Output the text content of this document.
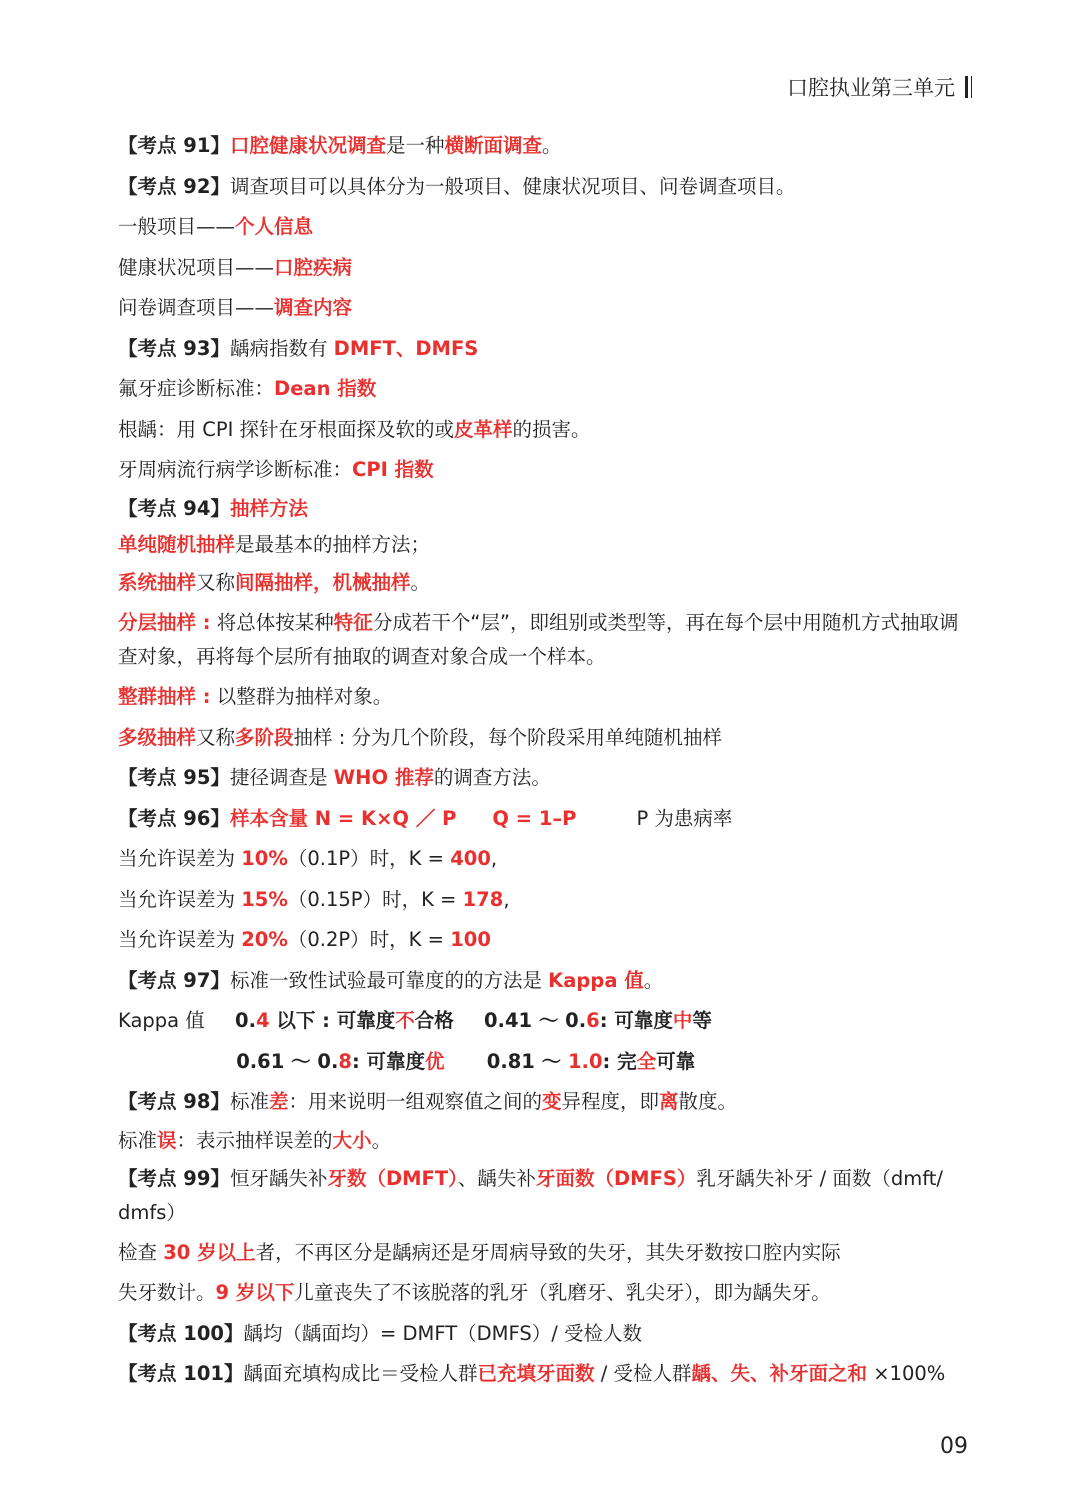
口腔执业第三单元
【考点 91】口腔健康状况调查是一种横断面调查。
【考点 92】调查项目可以具体分为一般项目、健康状况项目、问卷调查项目。
一般项目——个人信息
健康状况项目——口腔疾病
问卷调查项目——调查内容
【考点 93】龋病指数有 DMFT、DMFS
氟牙症诊断标准：Dean 指数
根龋：用 CPI 探针在牙根面探及软的或皮革样的损害。
牙周病流行病学诊断标准：CPI 指数
【考点 94】抽样方法
单纯随机抽样是最基本的抽样方法；
系统抽样又称间隔抽样，机械抽样。
分层抽样 : 将总体按某种特征分成若干个“层”，即组别或类型等，再在每个层中用随机方式抽取调查对象，再将每个层所有抽取的调查对象合成一个样本。
整群抽样 : 以整群为抽样对象。
多级抽样又称多阶段抽样 : 分为几个阶段，每个阶段采用单纯随机抽样
【考点 95】捷径调查是 WHO 推荐的调查方法。
【考点 96】样本含量 N = K×Q ／ P Q = 1–P	P 为患病率
当允许误差为 10%（0.1P）时，K = 400,
当允许误差为 15%（0.15P）时，K = 178,
当允许误差为 20%（0.2P）时，K = 100
【考点 97】标准一致性试验最可靠度的的方法是 Kappa 值。
Kappa 值 0.4 以下 : 可靠度不合格 0.41 ～ 0.6: 可靠度中等
0.61 ～ 0.8: 可靠度优 0.81 ～ 1.0: 完全可靠
【考点 98】标准差：用来说明一组观察值之间的变异程度，即离散度。
标准误：表示抽样误差的大小。
【考点 99】恒牙龋失补牙数（DMFT）、龋失补牙面数（DMFS）乳牙龋失补牙 / 面数（dmft/ dmfs）
检查 30 岁以上者，不再区分是龋病还是牙周病导致的失牙，其失牙数按口腔内实际
失牙数计。9 岁以下儿童丧失了不该脱落的乳牙（乳磨牙、乳尖牙），即为龋失牙。
【考点 100】龋均（龋面均）= DMFT（DMFS）/ 受检人数
【考点 101】龋面充填构成比＝受检人群已充填牙面数 / 受检人群龋、失、补牙面之和 ×100%
09
